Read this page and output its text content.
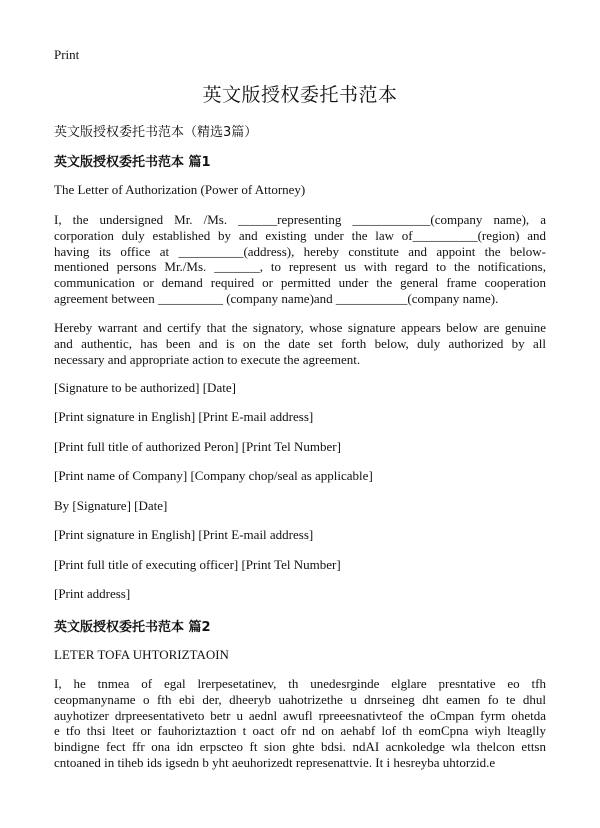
Print
英文版授权委托书范本
英文版授权委托书范本（精选3篇）
英文版授权委托书范本 篇1
The Letter of Authorization (Power of Attorney)
I, the undersigned Mr. /Ms. ______representing ____________(company name), a
corporation duly established by and existing under the law of__________(region) and
having its office at __________(address), hereby constitute and appoint the below-
mentioned persons Mr./Ms. _______, to represent us with regard to the notifications,
communication or demand required or permitted under the general frame cooperation
agreement between __________ (company name)and ___________(company name).
Hereby warrant and certify that the signatory, whose signature appears below are genuine
and authentic, has been and is on the date set forth below, duly authorized by all
necessary and appropriate action to execute the agreement.
[Signature to be authorized] [Date]
[Print signature in English] [Print E-mail address]
[Print full title of authorized Peron] [Print Tel Number]
[Print name of Company] [Company chop/seal as applicable]
By [Signature] [Date]
[Print signature in English] [Print E-mail address]
[Print full title of executing officer] [Print Tel Number]
[Print address]
英文版授权委托书范本 篇2
LETER TOFA UHTORIZTAOIN
I, he tnmea of egal lrerpesetatinev, th unedesrginde elglare presntative eo tfh
ceopmanyname o fth ebi der, dheeryb uahotrizethe u dnrseineg dht eamen fo te dhul
auyhotizer drpreesentativeto betr u aednl awufl rpreeesnativteof the oCmpan fyrm ohetda
e tfo thsi lteet or fauhoriztaztion t oact ofr nd on aehabf lof th eomCpna wiyh lteaglly
bindigne fect ffr ona idn erpscteo ft sion ghte bdsi. ndAI acnkoledge wla thelcon ettsn
cntoaned in tiheb ids igsedn b yht aeuhorizedt represenattvie. It i hesreyba uhtorzid.e
